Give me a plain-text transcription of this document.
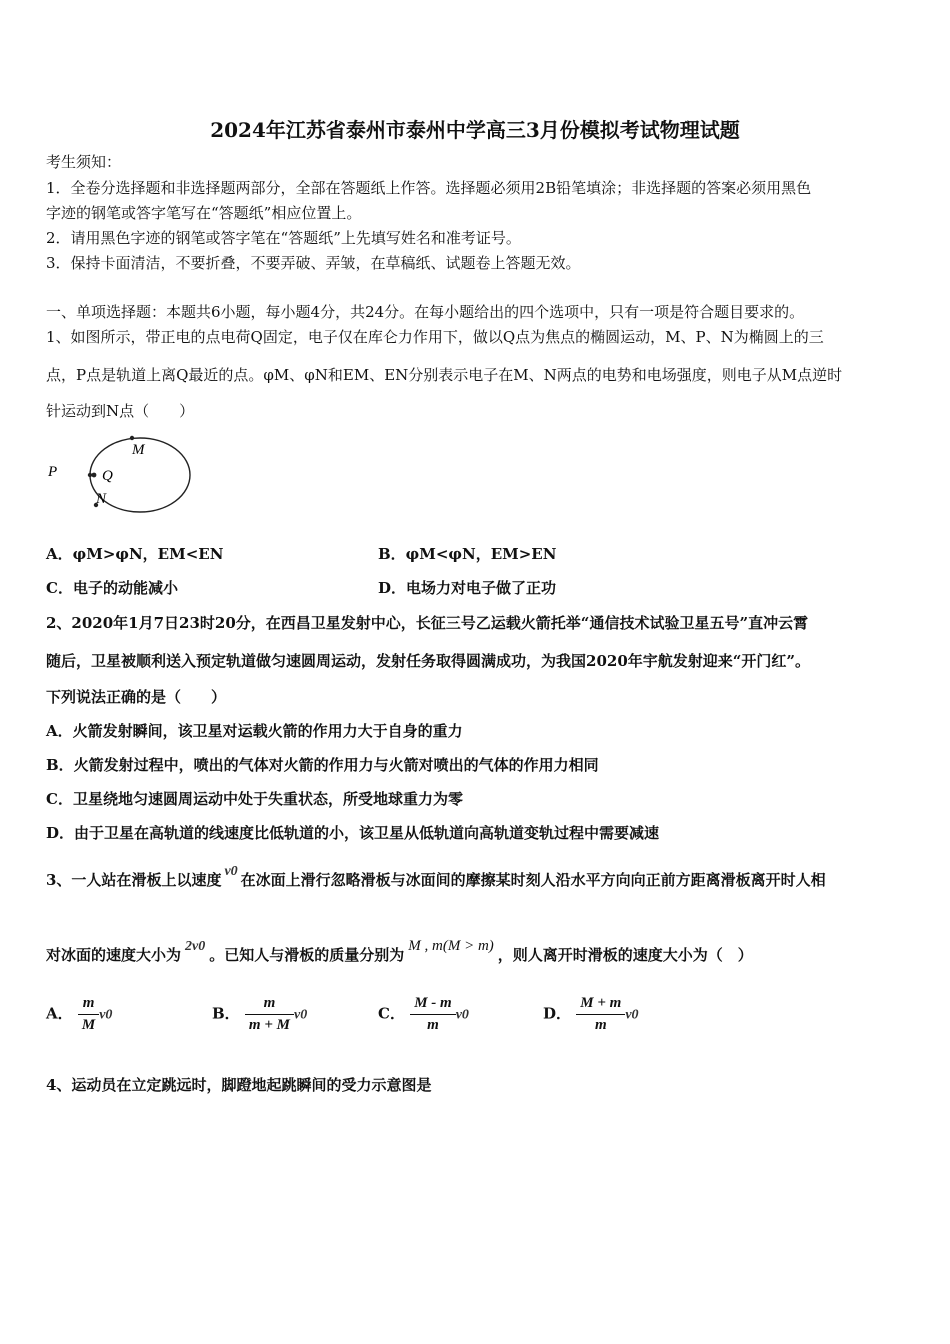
2024年江苏省泰州市泰州中学高三3月份模拟考试物理试题
考生须知：
1．全卷分选择题和非选择题两部分，全部在答题纸上作答。选择题必须用2B铅笔填涂；非选择题的答案必须用黑色
字迹的钢笔或答字笔写在“答题纸”相应位置上。
2．请用黑色字迹的钢笔或答字笔在“答题纸”上先填写姓名和准考证号。
3．保持卡面清洁，不要折叠，不要弄破、弄皱，在草稿纸、试题卷上答题无效。
一、单项选择题：本题共6小题，每小题4分，共24分。在每小题给出的四个选项中，只有一项是符合题目要求的。
1、如图所示，带正电的点电荷Q固定，电子仅在库仑力作用下，做以Q点为焦点的椭圆运动，M、P、N为椭圆上的三
点，P点是轨道上离Q最近的点。φM、φN和EM、EN分别表示电子在M、N两点的电势和电场强度，则电子从M点逆时
针运动到N点（　　）
P	Q
M
N
A．φM>φN，EM<EN	B．φM<φN，EM>EN
C．电子的动能减小	D．电场力对电子做了正功
2、2020年1月7日23时20分，在西昌卫星发射中心，长征三号乙运载火箭托举“通信技术试验卫星五号”直冲云霄
随后，卫星被顺利送入预定轨道做匀速圆周运动，发射任务取得圆满成功，为我国2020年宇航发射迎来“开门红”。
下列说法正确的是（　　）
A．火箭发射瞬间，该卫星对运载火箭的作用力大于自身的重力
B．火箭发射过程中，喷出的气体对火箭的作用力与火箭对喷出的气体的作用力相同
C．卫星绕地匀速圆周运动中处于失重状态，所受地球重力为零
D．由于卫星在高轨道的线速度比低轨道的小，该卫星从低轨道向高轨道变轨过程中需要减速
3、一人站在滑板上以速度 v0 在冰面上滑行忽略滑板与冰面间的摩擦某时刻人沿水平方向向正前方距离滑板离开时人相
对冰面的速度大小为 2v0 。已知人与滑板的质量分别为 M , m(M > m) ，则人离开时滑板的速度大小为（　）
A． $\frac{m}{M} v0$	B． $\frac{m}{m + M} v0$	C． $\frac{M - m}{m} v0$	D． $\frac{M + m}{m} v0$
4、运动员在立定跳远时，脚蹬地起跳瞬间的受力示意图是
